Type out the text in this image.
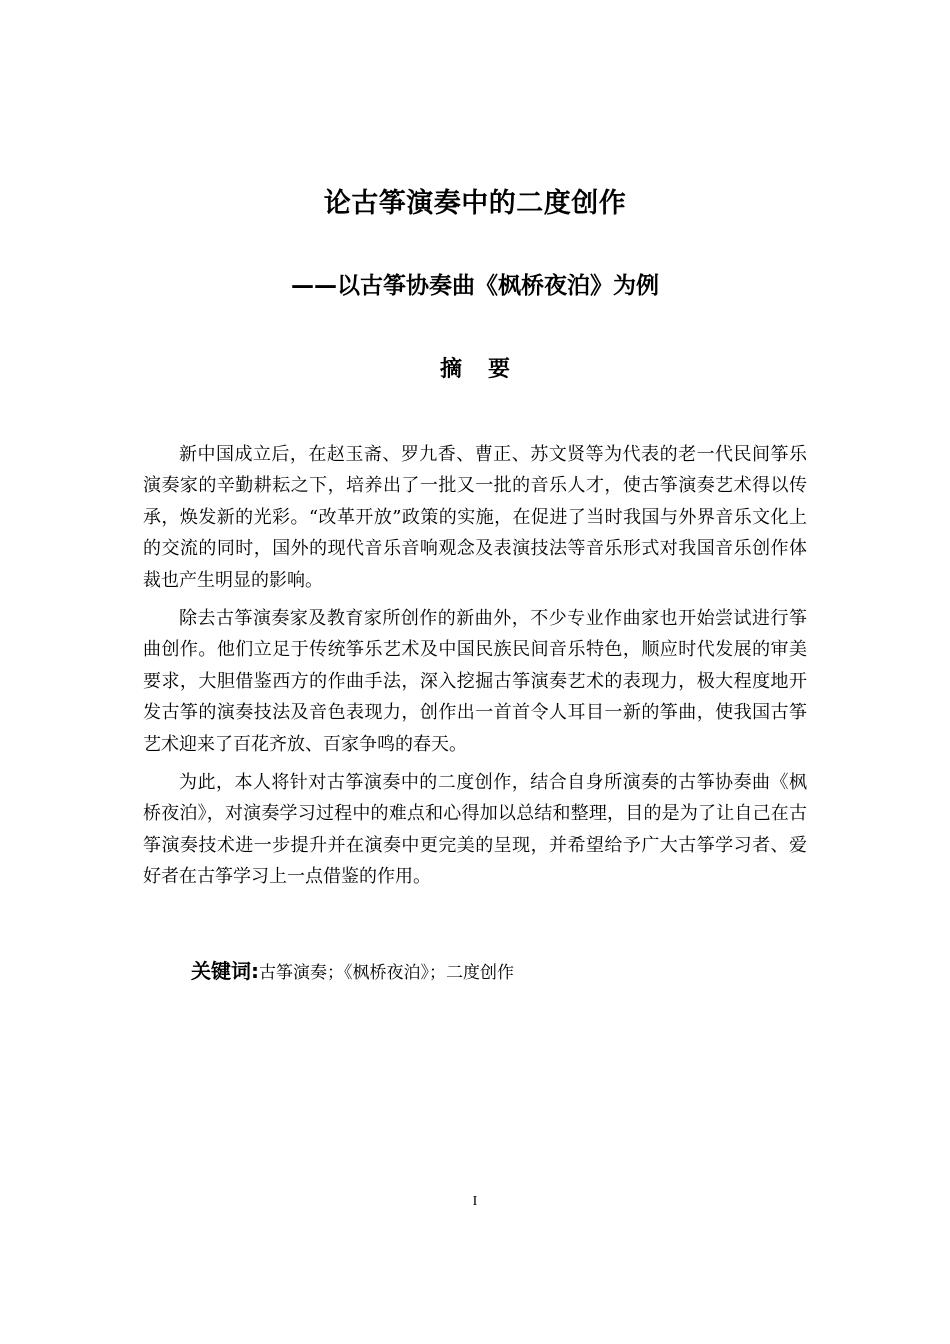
论古筝演奏中的二度创作
——以古筝协奏曲《枫桥夜泊》为例
摘要

新中国成立后，在赵玉斋、罗九香、曹正、苏文贤等为代表的老一代民间筝乐演奏家的辛勤耕耘之下，培养出了一批又一批的音乐人才，使古筝演奏艺术得以传承，焕发新的光彩。“改革开放”政策的实施，在促进了当时我国与外界音乐文化上的交流的同时，国外的现代音乐音响观念及表演技法等音乐形式对我国音乐创作体裁也产生明显的影响。

除去古筝演奏家及教育家所创作的新曲外，不少专业作曲家也开始尝试进行筝曲创作。他们立足于传统筝乐艺术及中国民族民间音乐特色，顺应时代发展的审美要求，大胆借鉴西方的作曲手法，深入挖掘古筝演奏艺术的表现力，极大程度地开发古筝的演奏技法及音色表现力，创作出一首首令人耳目一新的筝曲，使我国古筝艺术迎来了百花齐放、百家争鸣的春天。

为此，本人将针对古筝演奏中的二度创作，结合自身所演奏的古筝协奏曲《枫桥夜泊》，对演奏学习过程中的难点和心得加以总结和整理，目的是为了让自己在古筝演奏技术进一步提升并在演奏中更完美的呈现，并希望给予广大古筝学习者、爱好者在古筝学习上一点借鉴的作用。

关键词:古筝演奏；《枫桥夜泊》；二度创作
I
